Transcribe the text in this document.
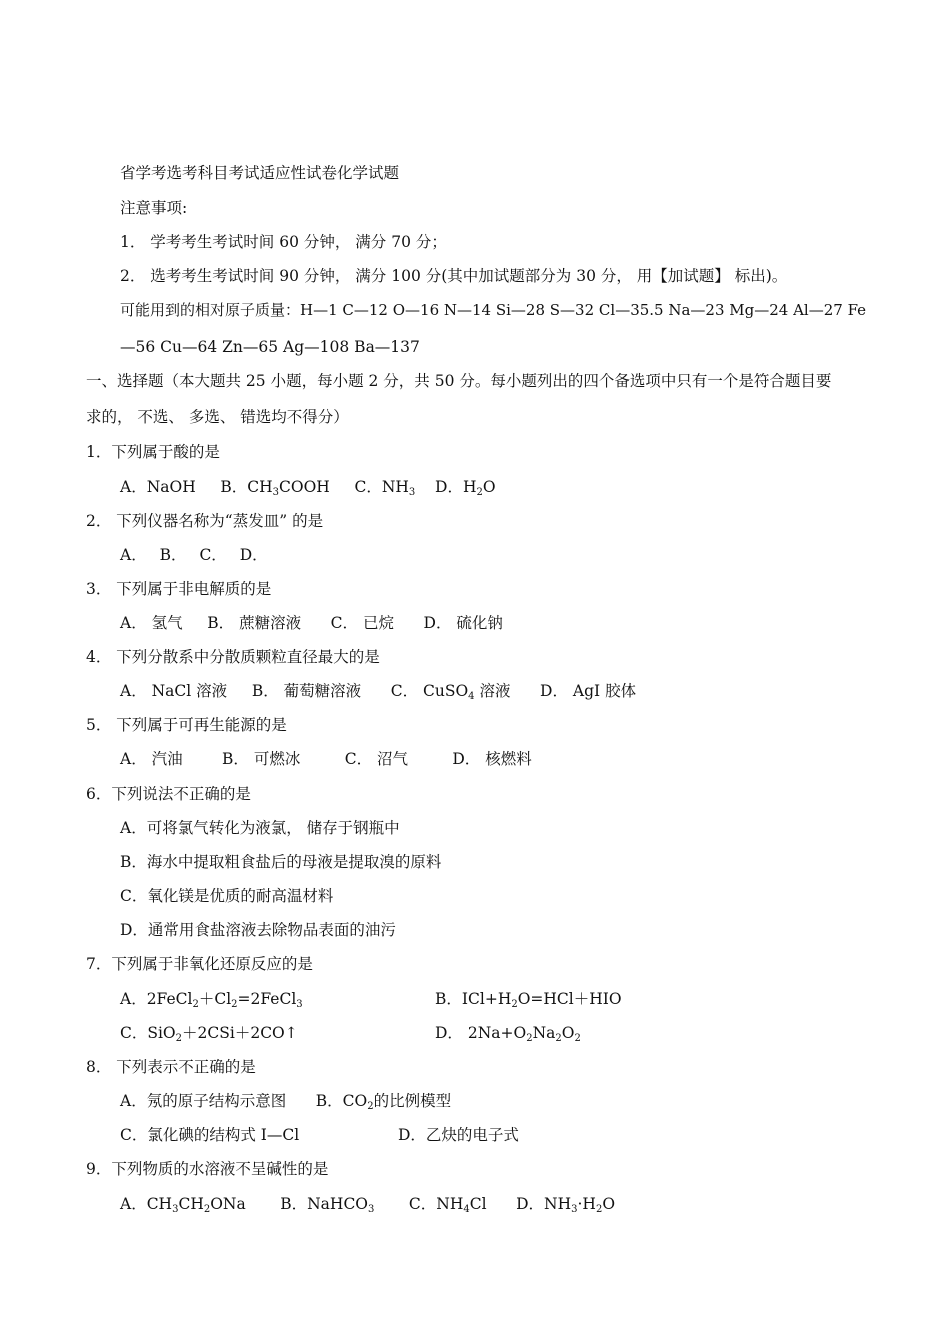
省学考选考科目考试适应性试卷化学试题
注意事项:
1． 学考考生考试时间 60 分钟， 满分 70 分；
2． 选考考生考试时间 90 分钟， 满分 100 分(其中加试题部分为 30 分， 用【加试题】 标出)。
可能用到的相对原子质量：H—1 C—12 O—16 N—14 Si—28 S—32 Cl—35.5 Na—23 Mg—24 Al—27 Fe
—56 Cu—64 Zn—65 Ag—108 Ba—137
一、选择题（本大题共 25 小题，每小题 2 分，共 50 分。每小题列出的四个备选项中只有一个是符合题目要
求的， 不选、 多选、 错选均不得分）
1．下列属于酸的是
A．NaOH B．$CH_3COOH$ C．$NH_3$ D．$H_2O$
2． 下列仪器名称为“蒸发皿” 的是
A． B． C． D．
3． 下列属于非电解质的是
A． 氢气 B． 蔗糖溶液 C． 已烷 D． 硫化钠
4． 下列分散系中分散质颗粒直径最大的是
A． NaCl 溶液 B． 葡萄糖溶液 C． CuSO$_4$ 溶液 D． AgI 胶体
5． 下列属于可再生能源的是
A． 汽油	B． 可燃冰	C． 沼气	D． 核燃料
6．下列说法不正确的是
A．可将氯气转化为液氯， 储存于钢瓶中
B．海水中提取粗食盐后的母液是提取溴的原料
C．氧化镁是优质的耐高温材料
D．通常用食盐溶液去除物品表面的油污
7．下列属于非氧化还原反应的是
A．$2FeCl_2+Cl_2=2FeCl_3$	B．$ICl+H_2O=HCl+HIO$
C．SiO$_2$＋2CSi＋2CO↑	D． $2Na+O_2Na_2O_2$
8． 下列表示不正确的是
A．氖的原子结构示意图 B．$CO_2$的比例模型
C．氯化碘的结构式 I—Cl	D．乙炔的电子式
9．下列物质的水溶液不呈碱性的是
A．$CH_3CH_2ONa$ B．NaHCO$_3$ C．$NH_4Cl$ D．$NH_3\cdot H_2O$
